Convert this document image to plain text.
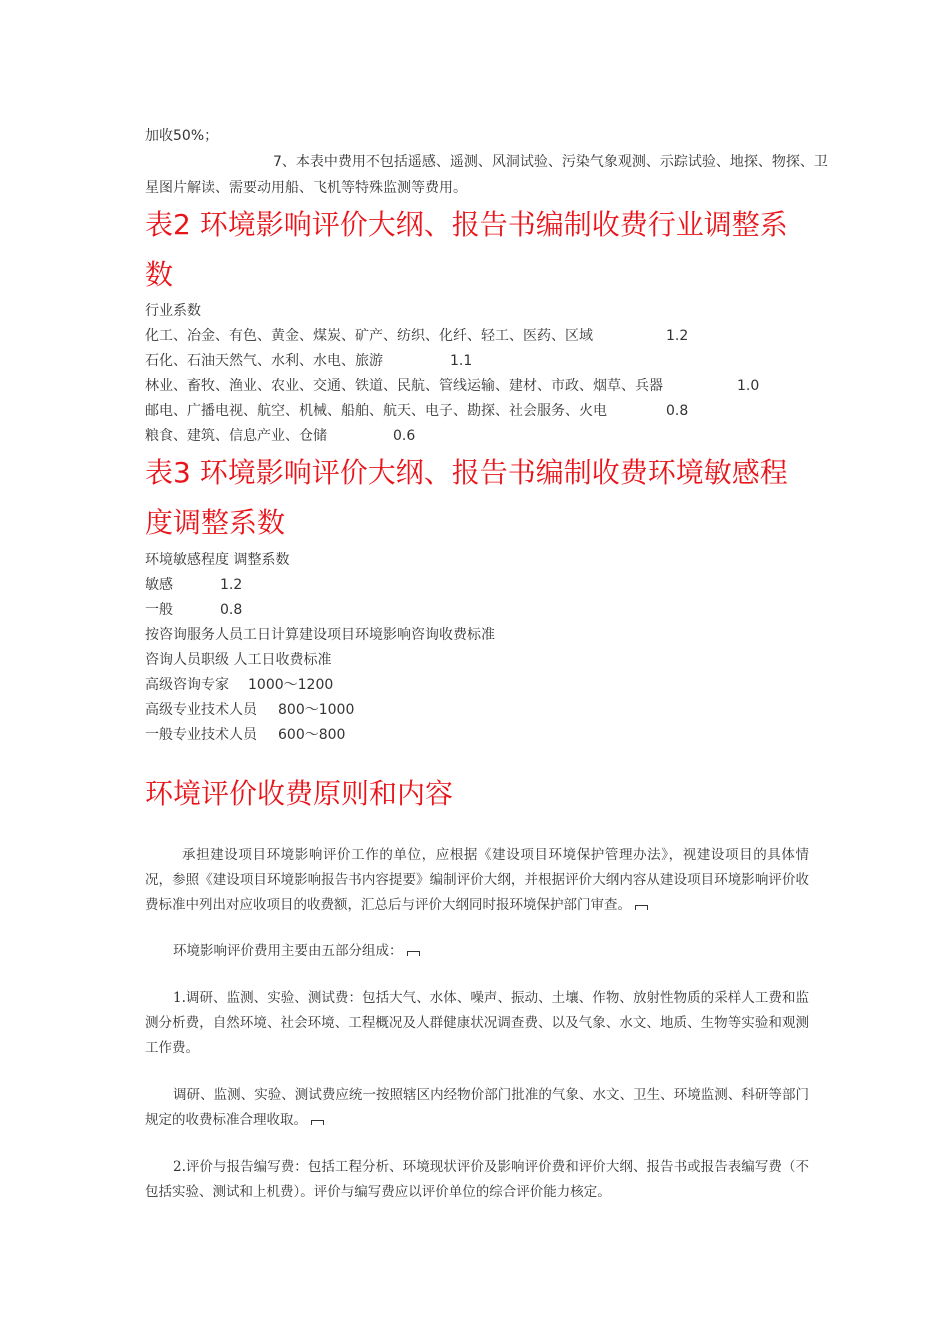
加收50%；
7、本表中费用不包括遥感、遥测、风洞试验、污染气象观测、示踪试验、地探、物探、卫
星图片解读、需要动用船、飞机等特殊监测等费用。
表2 环境影响评价大纲、报告书编制收费行业调整系
数
行业系数
化工、冶金、有色、黄金、煤炭、矿产、纺织、化纤、轻工、医药、区域	1.2
石化、石油天然气、水利、水电、旅游	1.1
林业、畜牧、渔业、农业、交通、铁道、民航、管线运输、建材、市政、烟草、兵器	1.0
邮电、广播电视、航空、机械、船舶、航天、电子、勘探、社会服务、火电	0.8
粮食、建筑、信息产业、仓储	0.6
表3 环境影响评价大纲、报告书编制收费环境敏感程
度调整系数
环境敏感程度 调整系数
敏感	1.2
一般	0.8
按咨询服务人员工日计算建设项目环境影响咨询收费标准
咨询人员职级 人工日收费标准
高级咨询专家 1000～1200
高级专业技术人员 800～1000
一般专业技术人员 600～800
环境评价收费原则和内容
承担建设项目环境影响评价工作的单位，应根据《建设项目环境保护管理办法》，视建设项目的具体情况，参照《建设项目环境影响报告书内容提要》编制评价大纲，并根据评价大纲内容从建设项目环境影响评价收费标准中列出对应收项目的收费额，汇总后与评价大纲同时报环境保护部门审查。
环境影响评价费用主要由五部分组成：
1.调研、监测、实验、测试费：包括大气、水体、噪声、振动、土壤、作物、放射性物质的采样人工费和监测分析费，自然环境、社会环境、工程概况及人群健康状况调查费、以及气象、水文、地质、生物等实验和观测工作费。
调研、监测、实验、测试费应统一按照辖区内经物价部门批准的气象、水文、卫生、环境监测、科研等部门规定的收费标准合理收取。
2.评价与报告编写费：包括工程分析、环境现状评价及影响评价费和评价大纲、报告书或报告表编写费（不包括实验、测试和上机费）。评价与编写费应以评价单位的综合评价能力核定。
